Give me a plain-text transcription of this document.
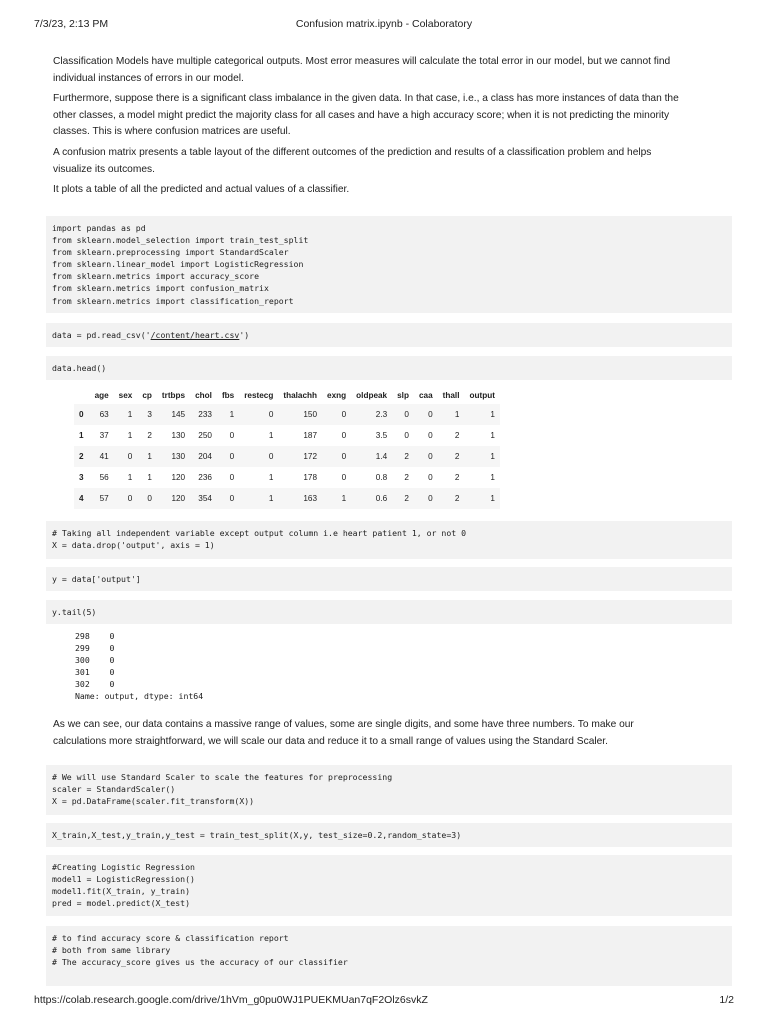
7/3/23, 2:13 PM	Confusion matrix.ipynb - Colaboratory

Classification Models have multiple categorical outputs. Most error measures will calculate the total error in our model, but we cannot find individual instances of errors in our model.

Furthermore, suppose there is a significant class imbalance in the given data. In that case, i.e., a class has more instances of data than the other classes, a model might predict the majority class for all cases and have a high accuracy score; when it is not predicting the minority classes. This is where confusion matrices are useful.

A confusion matrix presents a table layout of the different outcomes of the prediction and results of a classification problem and helps visualize its outcomes.

It plots a table of all the predicted and actual values of a classifier.

import pandas as pd
from sklearn.model_selection import train_test_split
from sklearn.preprocessing import StandardScaler
from sklearn.linear_model import LogisticRegression
from sklearn.metrics import accuracy_score
from sklearn.metrics import confusion_matrix
from sklearn.metrics import classification_report
data = pd.read_csv('/content/heart.csv')
data.head()
	age	sex	cp	trtbps	chol	fbs	restecg	thalachh	exng	oldpeak	slp	caa	thall	output
0	63	1	3	145	233	1	0	150	0	2.3	0	0	1	1
1	37	1	2	130	250	0	1	187	0	3.5	0	0	2	1
2	41	0	1	130	204	0	0	172	0	1.4	2	0	2	1
3	56	1	1	120	236	0	1	178	0	0.8	2	0	2	1
4	57	0	0	120	354	0	1	163	1	0.6	2	0	2	1
# Taking all independent variable except output column i.e heart patient 1, or not 0
X = data.drop('output', axis = 1)
y = data['output']
y.tail(5)
298    0
299    0
300    0
301    0
302    0
Name: output, dtype: int64

As we can see, our data contains a massive range of values, some are single digits, and some have three numbers. To make our calculations more straightforward, we will scale our data and reduce it to a small range of values using the Standard Scaler.

# We will use Standard Scaler to scale the features for preprocessing
scaler = StandardScaler()
X = pd.DataFrame(scaler.fit_transform(X))
X_train,X_test,y_train,y_test = train_test_split(X,y, test_size=0.2,random_state=3)
#Creating Logistic Regression
model1 = LogisticRegression()
model1.fit(X_train, y_train)
pred = model.predict(X_test)
# to find accuracy score & classification report
# both from same library
# The accuracy_score gives us the accuracy of our classifier
https://colab.research.google.com/drive/1hVm_g0pu0WJ1PUEKMUan7qF2Olz6svkZ	1/2
